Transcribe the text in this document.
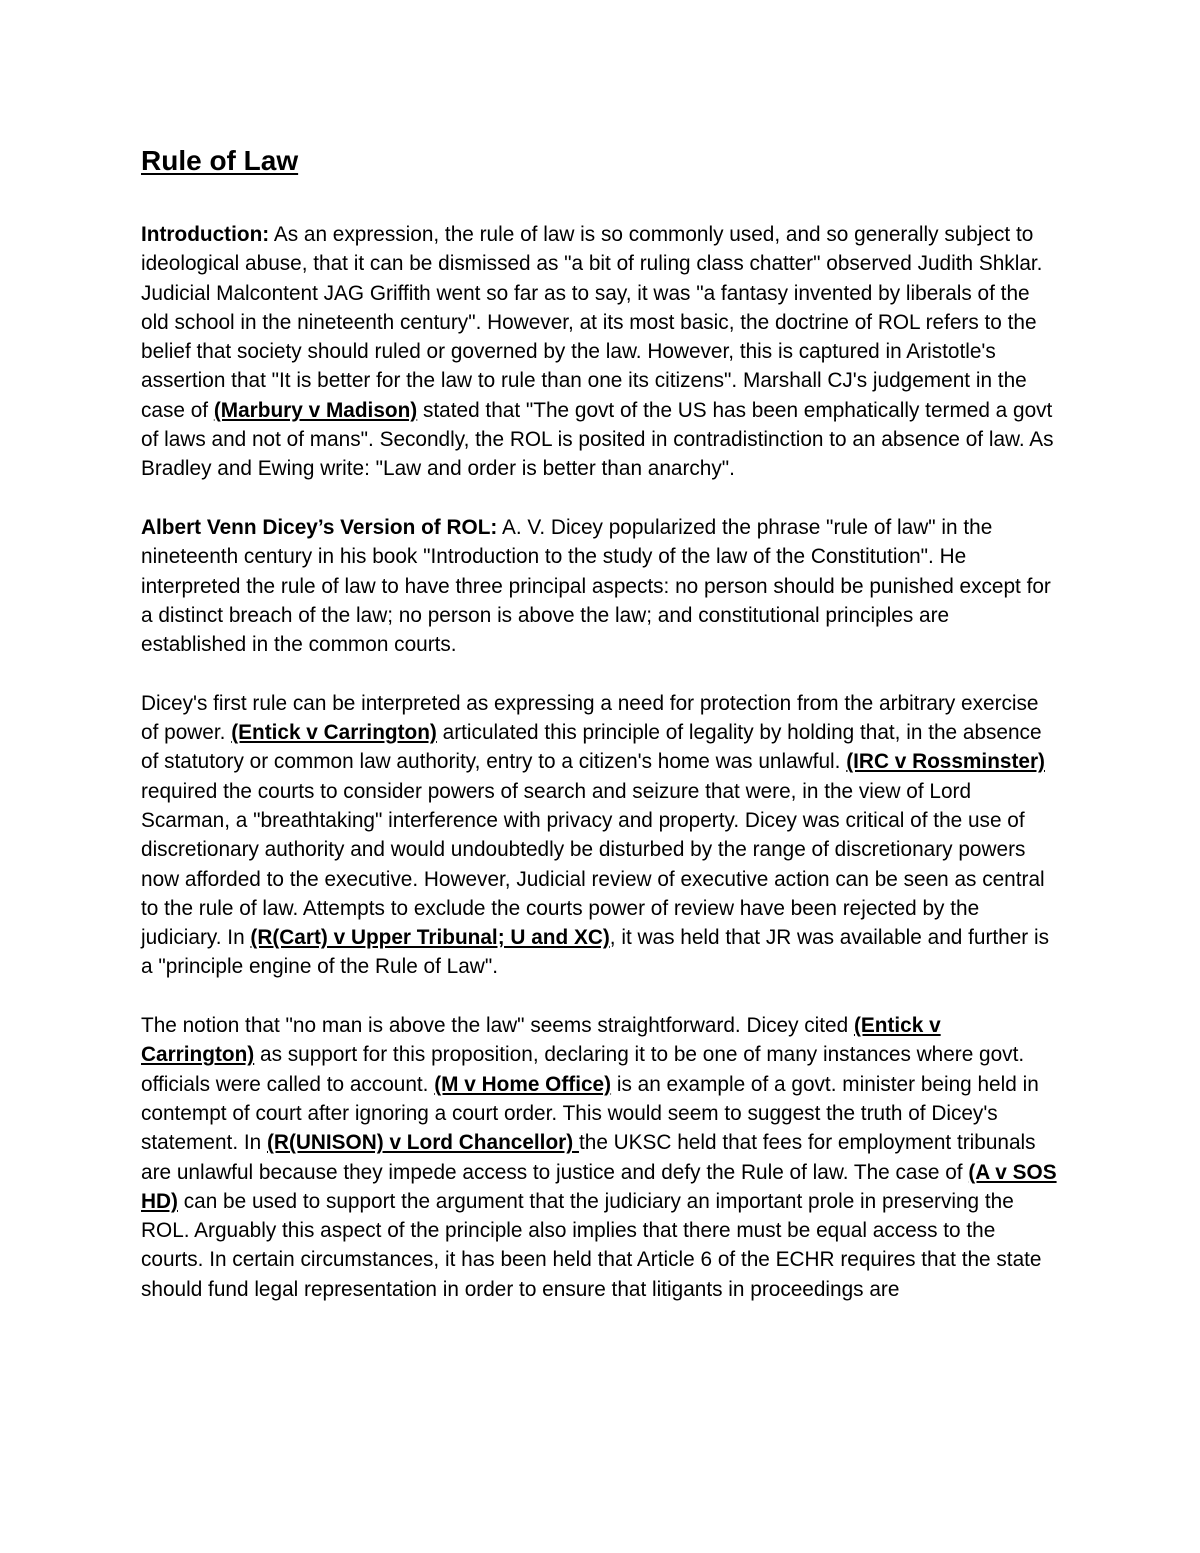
Rule of Law

Introduction: As an expression, the rule of law is so commonly used, and so generally subject to ideological abuse, that it can be dismissed as "a bit of ruling class chatter" observed Judith Shklar. Judicial Malcontent JAG Griffith went so far as to say, it was "a fantasy invented by liberals of the old school in the nineteenth century". However, at its most basic, the doctrine of ROL refers to the belief that society should ruled or governed by the law. However, this is captured in Aristotle's assertion that "It is better for the law to rule than one its citizens". Marshall CJ's judgement in the case of (Marbury v Madison) stated that "The govt of the US has been emphatically termed a govt of laws and not of mans". Secondly, the ROL is posited in contradistinction to an absence of law. As Bradley and Ewing write: "Law and order is better than anarchy".

Albert Venn Dicey’s Version of ROL: A. V. Dicey popularized the phrase "rule of law" in the nineteenth century in his book "Introduction to the study of the law of the Constitution". He interpreted the rule of law to have three principal aspects: no person should be punished except for a distinct breach of the law; no person is above the law; and constitutional principles are established in the common courts.

Dicey's first rule can be interpreted as expressing a need for protection from the arbitrary exercise of power. (Entick v Carrington) articulated this principle of legality by holding that, in the absence of statutory or common law authority, entry to a citizen's home was unlawful. (IRC v Rossminster) required the courts to consider powers of search and seizure that were, in the view of Lord Scarman, a "breathtaking" interference with privacy and property. Dicey was critical of the use of discretionary authority and would undoubtedly be disturbed by the range of discretionary powers now afforded to the executive. However, Judicial review of executive action can be seen as central to the rule of law. Attempts to exclude the courts power of review have been rejected by the judiciary. In (R(Cart) v Upper Tribunal; U and XC), it was held that JR was available and further is a "principle engine of the Rule of Law".

The notion that "no man is above the law" seems straightforward. Dicey cited (Entick v Carrington) as support for this proposition, declaring it to be one of many instances where govt. officials were called to account. (M v Home Office) is an example of a govt. minister being held in contempt of court after ignoring a court order. This would seem to suggest the truth of Dicey's statement. In (R(UNISON) v Lord Chancellor) the UKSC held that fees for employment tribunals are unlawful because they impede access to justice and defy the Rule of law. The case of (A v SOS HD) can be used to support the argument that the judiciary an important prole in preserving the ROL. Arguably this aspect of the principle also implies that there must be equal access to the courts. In certain circumstances, it has been held that Article 6 of the ECHR requires that the state should fund legal representation in order to ensure that litigants in proceedings are
